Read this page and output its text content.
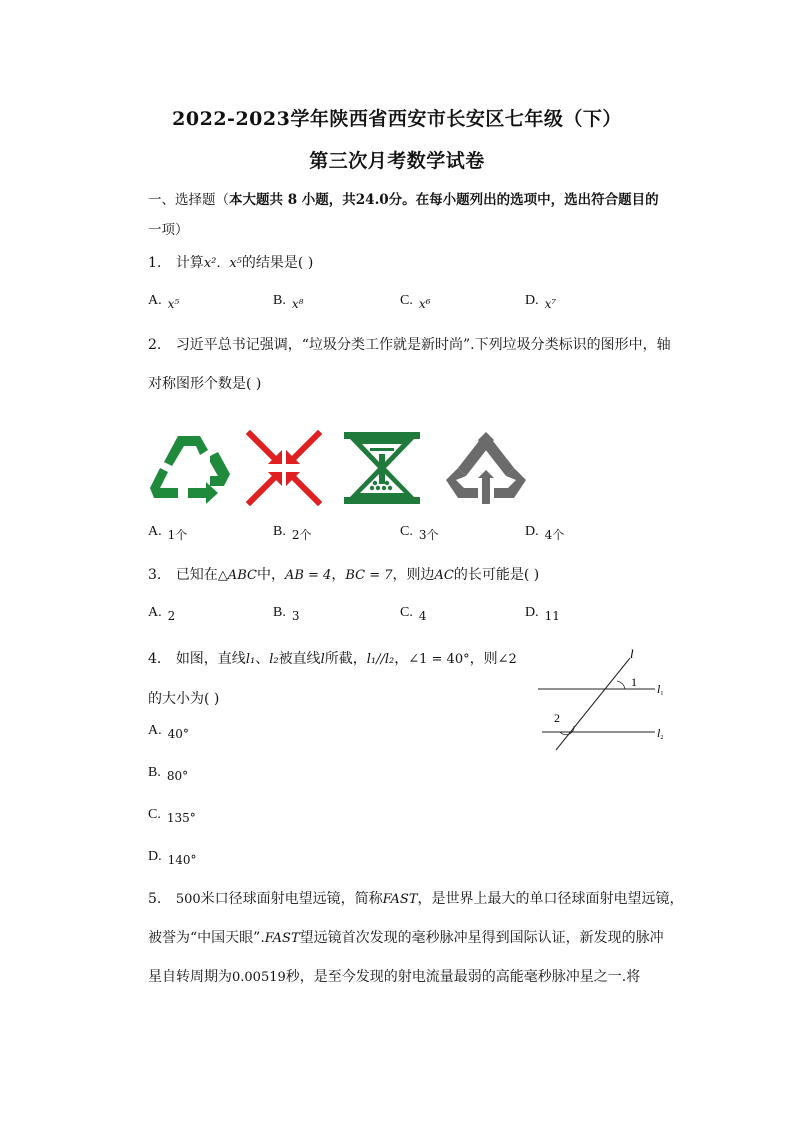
2022-2023学年陕西省西安市长安区七年级（下）
第三次月考数学试卷
一、选择题（本大题共 8 小题，共24.0分。在每小题列出的选项中，选出符合题目的
一项）
1. 计算x²．x⁵的结果是( )
A. x⁵	B. x⁸	C. x⁶	D. x⁷
2. 习近平总书记强调，“垃圾分类工作就是新时尚”.下列垃圾分类标识的图形中，轴
对称图形个数是( )
A. 1个	B. 2个	C. 3个	D. 4个
3. 已知在△ABC中，AB = 4，BC = 7，则边AC的长可能是( )
A. 2	B. 3	C. 4	D. 11
4. 如图，直线l₁、l₂被直线l所截，l₁//l₂，∠1 = 40°，则∠2
的大小为( )
A. 40°
B. 80°
C. 135°
D. 140°
l
1
2
l1
l2
5. 500米口径球面射电望远镜，简称FAST，是世界上最大的单口径球面射电望远镜，
被誉为“中国天眼”.FAST望远镜首次发现的毫秒脉冲星得到国际认证，新发现的脉冲
星自转周期为0.00519秒，是至今发现的射电流量最弱的高能毫秒脉冲星之一.将
